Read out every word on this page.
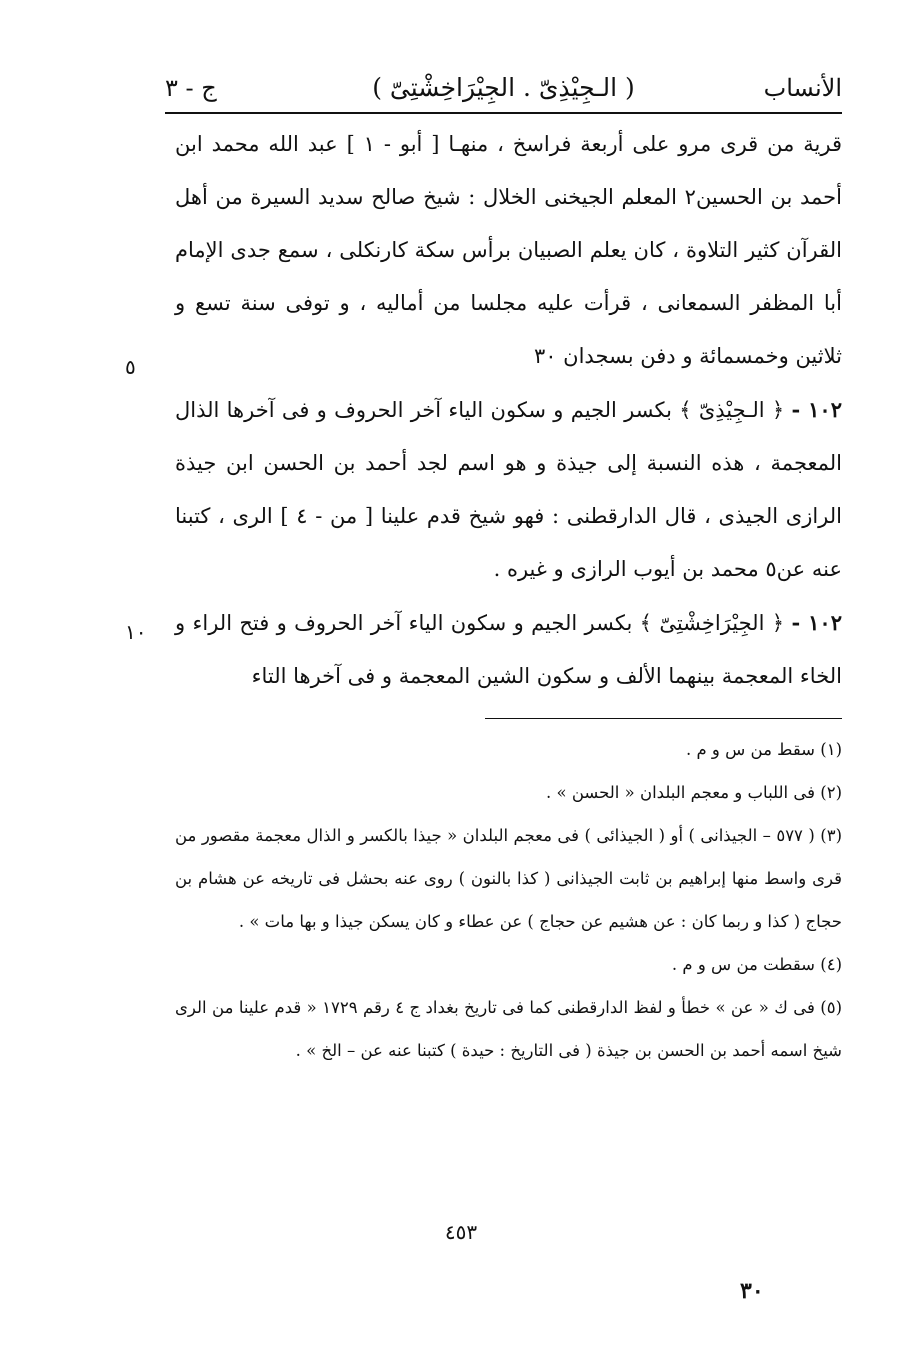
الأنساب
( الـجِيْذِىّ . الجِيْرَاخِشْتِىّ )
ج - ٣

قرية من قرى مرو على أربعة فراسخ ، منهـا [ أبو - ١ ] عبد الله محمد ابن أحمد بن الحسين٢ المعلم الجيخنى الخلال : شيخ صالح سديد السيرة من أهل القرآن كثير التلاوة ، كان يعلم الصبيان برأس سكة كارنكلى ، سمع جدى الإمام أبا المظفر السمعانى ، قرأت عليه مجلسا من أماليه ، و توفى سنة تسع و ثلاثين وخمسمائة و دفن بسجدان ٣٠

١٠٢ - ﴿ الـجِيْذِىّ ﴾ بكسر الجيم و سكون الياء آخر الحروف و فى آخرها الذال المعجمة ، هذه النسبة إلى جيذة و هو اسم لجد أحمد بن الحسن ابن جيذة الرازى الجيذى ، قال الدارقطنى : فهو شيخ قدم علينا [ من - ٤ ] الرى ، كتبنا عنه عن٥ محمد بن أيوب الرازى و غيره .

١٠٢ - ﴿ الجِيْرَاخِشْتِىّ ﴾ بكسر الجيم و سكون الياء آخر الحروف و فتح الراء و الخاء المعجمة بينهما الألف و سكون الشين المعجمة و فى آخرها التاء

٥
١٠

(١) سقط من س و م .

(٢) فى اللباب و معجم البلدان « الحسن » .

(٣) ( ٥٧٧ – الجيذانى ) أو ( الجيذائى ) فى معجم البلدان « جيذا بالكسر و الذال معجمة مقصور من قرى واسط منها إبراهيم بن ثابت الجيذانى ( كذا بالنون ) روى عنه بحشل فى تاريخه عن هشام بن حجاج ( كذا و ربما كان : عن هشيم عن حجاج ) عن عطاء و كان يسكن جيذا و بها مات » .

(٤) سقطت من س و م .

(٥) فى ك « عن » خطأ و لفظ الدارقطنى كما فى تاريخ بغداد ج ٤ رقم ١٧٢٩ « قدم علينا من الرى شيخ اسمه أحمد بن الحسن بن جيذة ( فى التاريخ : حيدة ) كتبنا عنه عن – الخ » .

٤٥٣
٣٠
